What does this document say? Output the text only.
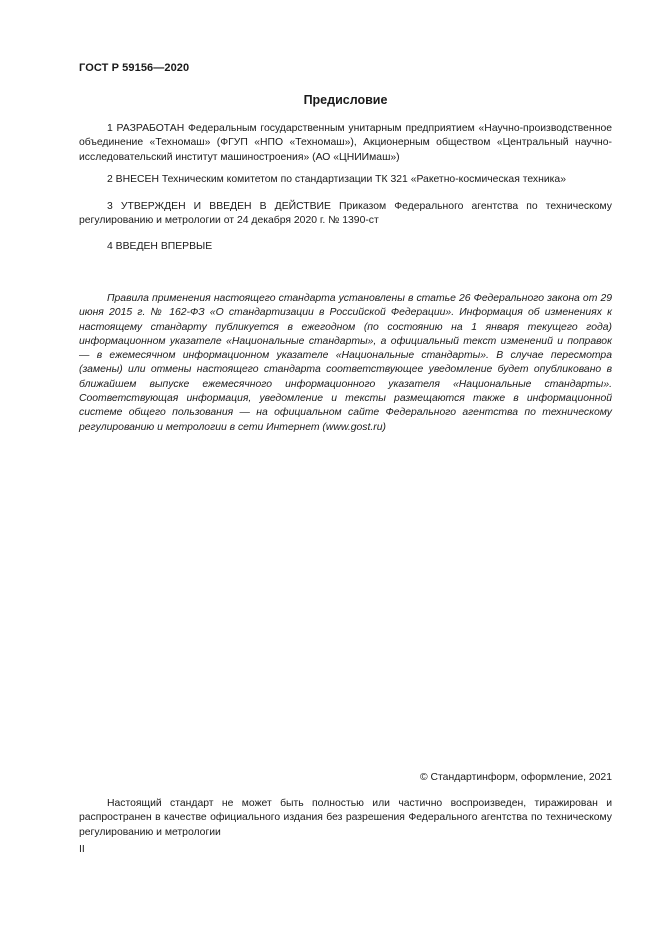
ГОСТ Р 59156—2020
Предисловие

1 РАЗРАБОТАН Федеральным государственным унитарным предприятием «Научно-производственное объединение «Техномаш» (ФГУП «НПО «Техномаш»), Акционерным обществом «Центральный научно-исследовательский институт машиностроения» (АО «ЦНИИмаш»)

2 ВНЕСЕН Техническим комитетом по стандартизации ТК 321 «Ракетно-космическая техника»

3 УТВЕРЖДЕН И ВВЕДЕН В ДЕЙСТВИЕ Приказом Федерального агентства по техническому регулированию и метрологии от 24 декабря 2020 г. № 1390-ст

4 ВВЕДЕН ВПЕРВЫЕ

Правила применения настоящего стандарта установлены в статье 26 Федерального закона от 29 июня 2015 г. № 162-ФЗ «О стандартизации в Российской Федерации». Информация об изменениях к настоящему стандарту публикуется в ежегодном (по состоянию на 1 января текущего года) информационном указателе «Национальные стандарты», а официальный текст изменений и поправок — в ежемесячном информационном указателе «Национальные стандарты». В случае пересмотра (замены) или отмены настоящего стандарта соответствующее уведомление будет опубликовано в ближайшем выпуске ежемесячного информационного указателя «Национальные стандарты». Соответствующая информация, уведомление и тексты размещаются также в информационной системе общего пользования — на официальном сайте Федерального агентства по техническому регулированию и метрологии в сети Интернет (www.gost.ru)

© Стандартинформ, оформление, 2021

Настоящий стандарт не может быть полностью или частично воспроизведен, тиражирован и распространен в качестве официального издания без разрешения Федерального агентства по техническому регулированию и метрологии

II
